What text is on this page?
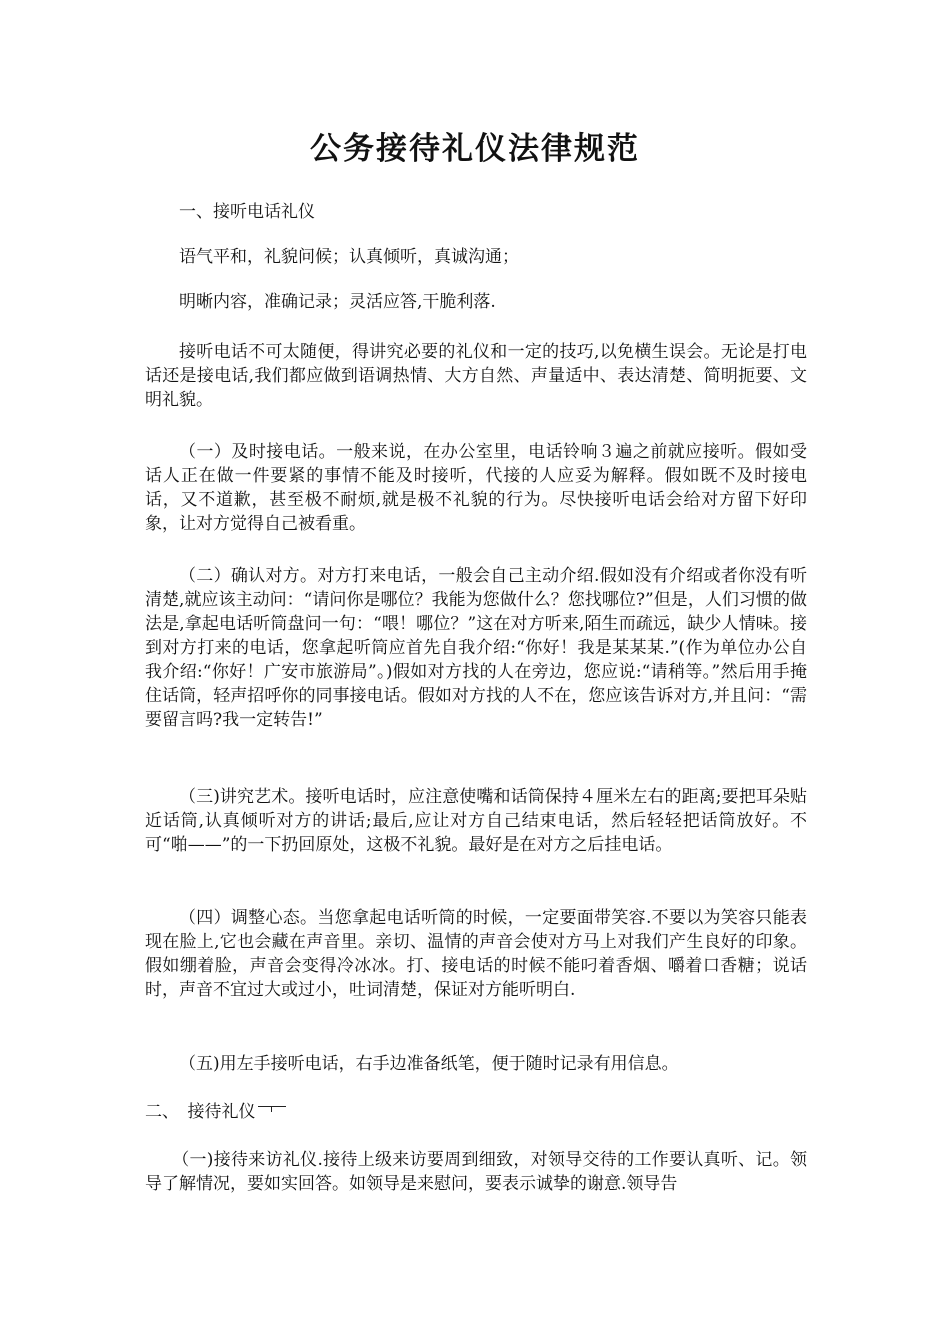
公务接待礼仪法律规范

一、接听电话礼仪

语气平和，礼貌问候；认真倾听，真诚沟通；

明晰内容，准确记录；灵活应答,干脆利落.

接听电话不可太随便，得讲究必要的礼仪和一定的技巧,以免横生误会。无论是打电话还是接电话,我们都应做到语调热情、大方自然、声量适中、表达清楚、简明扼要、文明礼貌。

（一）及时接电话。一般来说，在办公室里，电话铃响３遍之前就应接听。假如受话人正在做一件要紧的事情不能及时接听，代接的人应妥为解释。假如既不及时接电话，又不道歉，甚至极不耐烦,就是极不礼貌的行为。尽快接听电话会给对方留下好印象，让对方觉得自己被看重。

（二）确认对方。对方打来电话，一般会自己主动介绍.假如没有介绍或者你没有听清楚,就应该主动问：“请问你是哪位？我能为您做什么？您找哪位?”但是，人们习惯的做法是,拿起电话听筒盘问一句：“喂！哪位？”这在对方听来,陌生而疏远，缺少人情味。接到对方打来的电话，您拿起听筒应首先自我介绍:“你好！我是某某某.”(作为单位办公自我介绍:“你好！广安市旅游局”。)假如对方找的人在旁边，您应说:“请稍等。”然后用手掩住话筒，轻声招呼你的同事接电话。假如对方找的人不在，您应该告诉对方,并且问：“需要留言吗?我一定转告!”

（三)讲究艺术。接听电话时，应注意使嘴和话筒保持４厘米左右的距离;要把耳朵贴近话筒,认真倾听对方的讲话;最后,应让对方自己结束电话，然后轻轻把话筒放好。不可“啪——”的一下扔回原处，这极不礼貌。最好是在对方之后挂电话。

（四）调整心态。当您拿起电话听筒的时候，一定要面带笑容.不要以为笑容只能表现在脸上,它也会藏在声音里。亲切、温情的声音会使对方马上对我们产生良好的印象。假如绷着脸，声音会变得冷冰冰。打、接电话的时候不能叼着香烟、嚼着口香糖；说话时，声音不宜过大或过小，吐词清楚，保证对方能听明白.

（五)用左手接听电话，右手边准备纸笔，便于随时记录有用信息。

二、　接待礼仪

（一)接待来访礼仪.接待上级来访要周到细致，对领导交待的工作要认真听、记。领导了解情况，要如实回答。如领导是来慰问，要表示诚挚的谢意.领导告
